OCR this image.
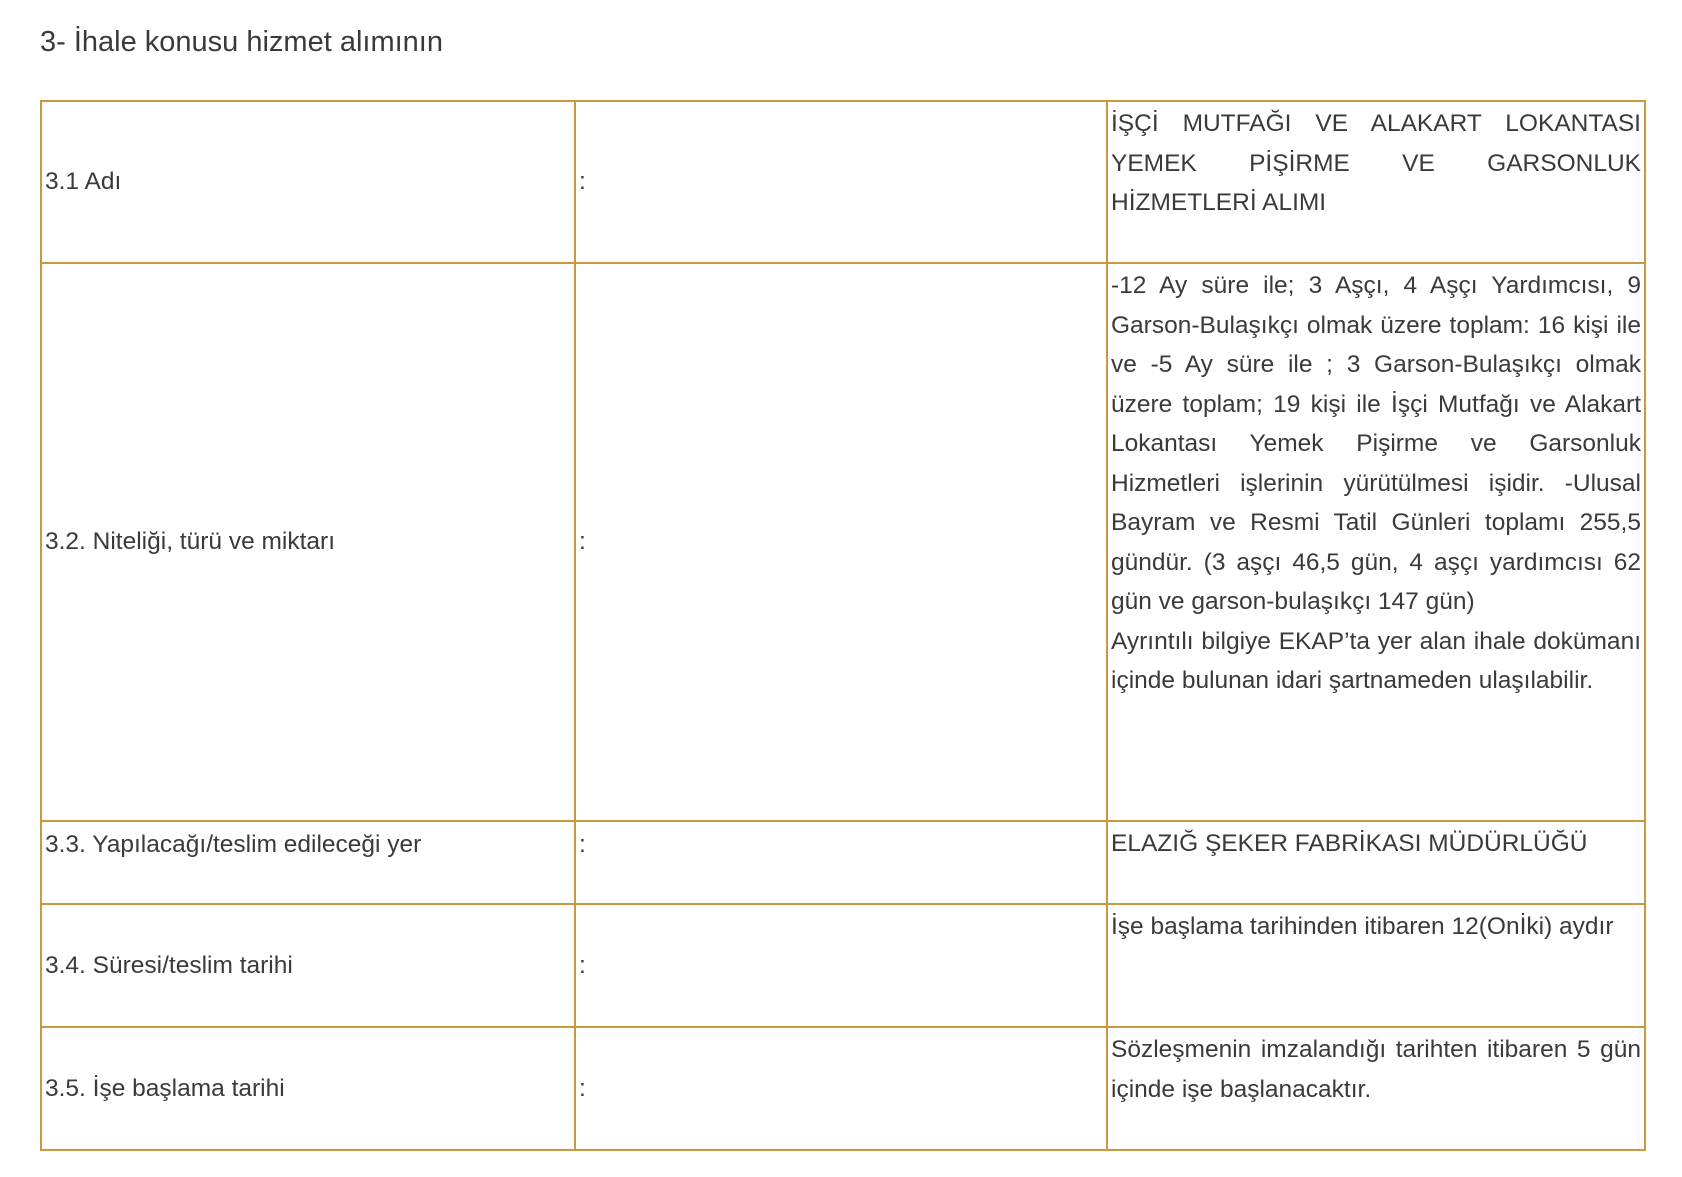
3- İhale konusu hizmet alımının
3.1 Adı	:	İŞÇİ MUTFAĞI VE ALAKART LOKANTASI YEMEK PİŞİRME VE GARSONLUK HİZMETLERİ ALIMI

3.2. Niteliği, türü ve miktarı	:	-12 Ay süre ile; 3 Aşçı, 4 Aşçı Yardımcısı, 9 Garson-Bulaşıkçı olmak üzere toplam: 16 kişi ile ve -5 Ay süre ile ; 3 Garson-Bulaşıkçı olmak üzere toplam; 19 kişi ile İşçi Mutfağı ve Alakart Lokantası Yemek Pişirme ve Garsonluk Hizmetleri işlerinin yürütülmesi işidir. -Ulusal Bayram ve Resmi Tatil Günleri toplamı 255,5 gündür. (3 aşçı 46,5 gün, 4 aşçı yardımcısı 62 gün ve garson-bulaşıkçı 147 gün)
Ayrıntılı bilgiye EKAP’ta yer alan ihale dokümanı içinde bulunan idari şartnameden ulaşılabilir.

3.3. Yapılacağı/teslim edileceği yer	:	ELAZIĞ ŞEKER FABRİKASI MÜDÜRLÜĞÜ

3.4. Süresi/teslim tarihi	:	İşe başlama tarihinden itibaren 12(Onİki) aydır

3.5. İşe başlama tarihi	:	Sözleşmenin imzalandığı tarihten itibaren 5 gün içinde işe başlanacaktır.
